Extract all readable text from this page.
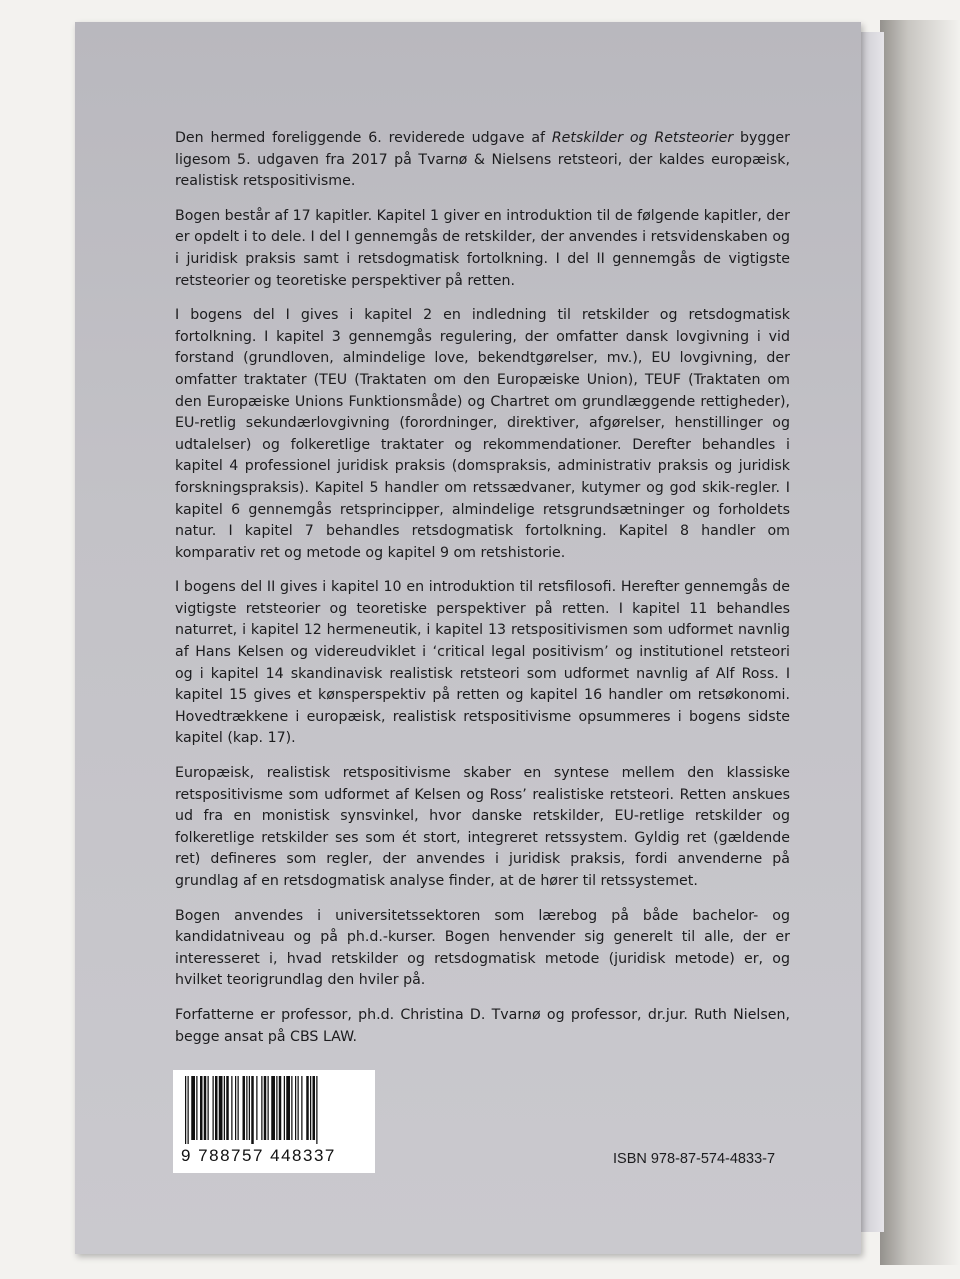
Den hermed foreliggende 6. reviderede udgave af Retskilder og Retsteorier bygger ligesom 5. udgaven fra 2017 på Tvarnø & Nielsens retsteori, der kaldes europæisk, realistisk retspositivisme.

Bogen består af 17 kapitler. Kapitel 1 giver en introduktion til de følgende kapitler, der er opdelt i to dele. I del I gennemgås de retskilder, der anvendes i retsvidenskaben og i juridisk praksis samt i retsdogmatisk fortolkning. I del II gennemgås de vigtigste retsteorier og teoretiske perspektiver på retten.

I bogens del I gives i kapitel 2 en indledning til retskilder og retsdogmatisk fortolkning. I kapitel 3 gennemgås regulering, der omfatter dansk lovgivning i vid forstand (grundloven, almindelige love, bekendtgørelser, mv.), EU lovgivning, der omfatter traktater (TEU (Traktaten om den Europæiske Union), TEUF (Traktaten om den Europæiske Unions Funktionsmåde) og Chartret om grundlæggende rettigheder), EU-retlig sekundærlovgivning (forordninger, direktiver, afgørelser, henstillinger og udtalelser) og folkeretlige traktater og rekommendationer. Derefter behandles i kapitel 4 professionel juridisk praksis (domspraksis, administrativ praksis og juridisk forskningspraksis). Kapitel 5 handler om retssædvaner, kutymer og god skik-regler. I kapitel 6 gennemgås retsprincipper, almindelige retsgrundsætninger og forholdets natur. I kapitel 7 behandles retsdogmatisk fortolkning. Kapitel 8 handler om komparativ ret og metode og kapitel 9 om retshistorie.

I bogens del II gives i kapitel 10 en introduktion til retsfilosofi. Herefter gennemgås de vigtigste retsteorier og teoretiske perspektiver på retten. I kapitel 11 behandles naturret, i kapitel 12 hermeneutik, i kapitel 13 retspositivismen som udformet navnlig af Hans Kelsen og videreudviklet i ‘critical legal positivism’ og institutionel retsteori og i kapitel 14 skandinavisk realistisk retsteori som udformet navnlig af Alf Ross. I kapitel 15 gives et kønsperspektiv på retten og kapitel 16 handler om retsøkonomi. Hovedtrækkene i europæisk, realistisk retspositivisme opsummeres i bogens sidste kapitel (kap. 17).

Europæisk, realistisk retspositivisme skaber en syntese mellem den klassiske retspositivisme som udformet af Kelsen og Ross’ realistiske retsteori. Retten anskues ud fra en monistisk synsvinkel, hvor danske retskilder, EU-retlige retskilder og folkeretlige retskilder ses som ét stort, integreret retssystem. Gyldig ret (gældende ret) defineres som regler, der anvendes i juridisk praksis, fordi anvenderne på grundlag af en retsdogmatisk analyse finder, at de hører til retssystemet.

Bogen anvendes i universitetssektoren som lærebog på både bachelor- og kandidatniveau og på ph.d.-kurser. Bogen henvender sig generelt til alle, der er interesseret i, hvad retskilder og retsdogmatisk metode (juridisk metode) er, og hvilket teorigrundlag den hviler på.

Forfatterne er professor, ph.d. Christina D. Tvarnø og professor, dr.jur. Ruth Nielsen, begge ansat på CBS LAW.

9 788757 448337	ISBN 978-87-574-4833-7
